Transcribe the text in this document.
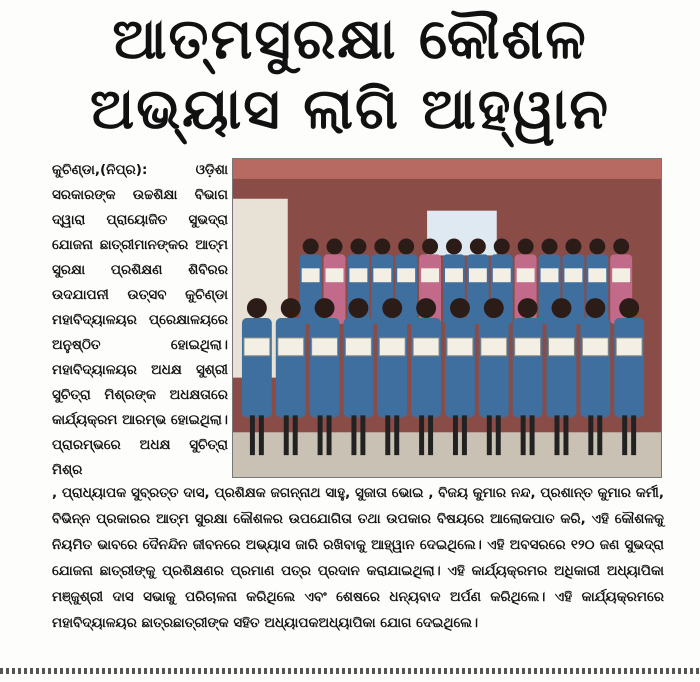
ଆତ୍ମସୁରକ୍ଷା କୌଶଳ
ଅଭ୍ୟାସ ଲାଗି ଆହ୍ୱାନ

କୁଚିଣ୍ଡା,(ନିପ୍ର):	ଓଡ଼ିଶା ସରକାରଙ୍କ ଉଚ୍ଚଶିକ୍ଷା ବିଭାଗ ଦ୍ୱାରା ପ୍ରାୟୋଜିତ ସୁଭଦ୍ରା ଯୋଜନା ଛାତ୍ରୀମାନଙ୍କର ଆତ୍ମ ସୁରକ୍ଷା ପ୍ରଶିକ୍ଷଣ ଶିବିରର ଉଦଯାପନୀ ଉତ୍ସବ କୁଚିଣ୍ଡା ମହାବିଦ୍ୟାଳୟର ପ୍ରେକ୍ଷାଳୟରେ ଅନୁଷ୍ଠିତ ହୋଇଥିଲା। ମହାବିଦ୍ୟାଳୟର ଅଧକ୍ଷ ସୁଶ୍ରୀ ସୁଚିତ୍ରା ମିଶ୍ରଙ୍କ ଅଧକ୍ଷତାରେ କାର୍ଯ୍ୟକ୍ରମ ଆରମ୍ଭ ହୋଇଥିଲା। ପ୍ରାରମ୍ଭରେ ଅଧକ୍ଷ ସୁଚିତ୍ରା ମିଶ୍ର

, ପ୍ରାଧ୍ୟାପକ ସୁବ୍ରତ୍ତ ଦାସ, ପ୍ରଶିକ୍ଷକ ଜଗନ୍ନାଥ ସାହୁ, ସୁଜାତା ଭୋଇ , ବିଜୟ କୁମାର ନନ୍ଦ, ପ୍ରଶାନ୍ତ କୁମାର କର୍ମୀ, ବିଭିନ୍ନ ପ୍ରକାରର ଆତ୍ମ ସୁରକ୍ଷା କୌଶଳର ଉପଯୋଗିତା ତଥା ଉପକାର ବିଷୟରେ ଆଲୋକପାତ କରି, ଏହି କୌଶଳକୁ ନିୟମିତ ଭାବରେ ଦୈନନ୍ଦିନ ଜୀବନରେ ଅଭ୍ୟାସ ଜାରି ରଖିବାକୁ ଆହ୍ୱାନ ଦେଇଥିଲେ। ଏହି ଅବସରରେ ୧୨୦ ଜଣ ସୁଭଦ୍ରା ଯୋଜନା ଛାତ୍ରୀଙ୍କୁ ପ୍ରଶିକ୍ଷଣର ପ୍ରମାଣ ପତ୍ର ପ୍ରଦାନ କରାଯାଇଥିଲା। ଏହି କାର୍ଯ୍ୟକ୍ରମର ଅଧିକାରୀ ଅଧ୍ୟାପିକା ମଞ୍ଜୁଶ୍ରୀ ଦାସ ସଭାକୁ ପରିଚାଳନା କରିଥିଲେ ଏବଂ ଶେଷରେ ଧନ୍ୟବାଦ ଅର୍ପଣ କରିଥିଲେ। ଏହି କାର୍ଯ୍ୟକ୍ରମରେ ମହାବିଦ୍ୟାଳୟର ଛାତ୍ରଛାତ୍ରୀଙ୍କ ସହିତ ଅଧ୍ୟାପକଅଧ୍ୟାପିକା ଯୋଗ ଦେଇଥିଲେ।
